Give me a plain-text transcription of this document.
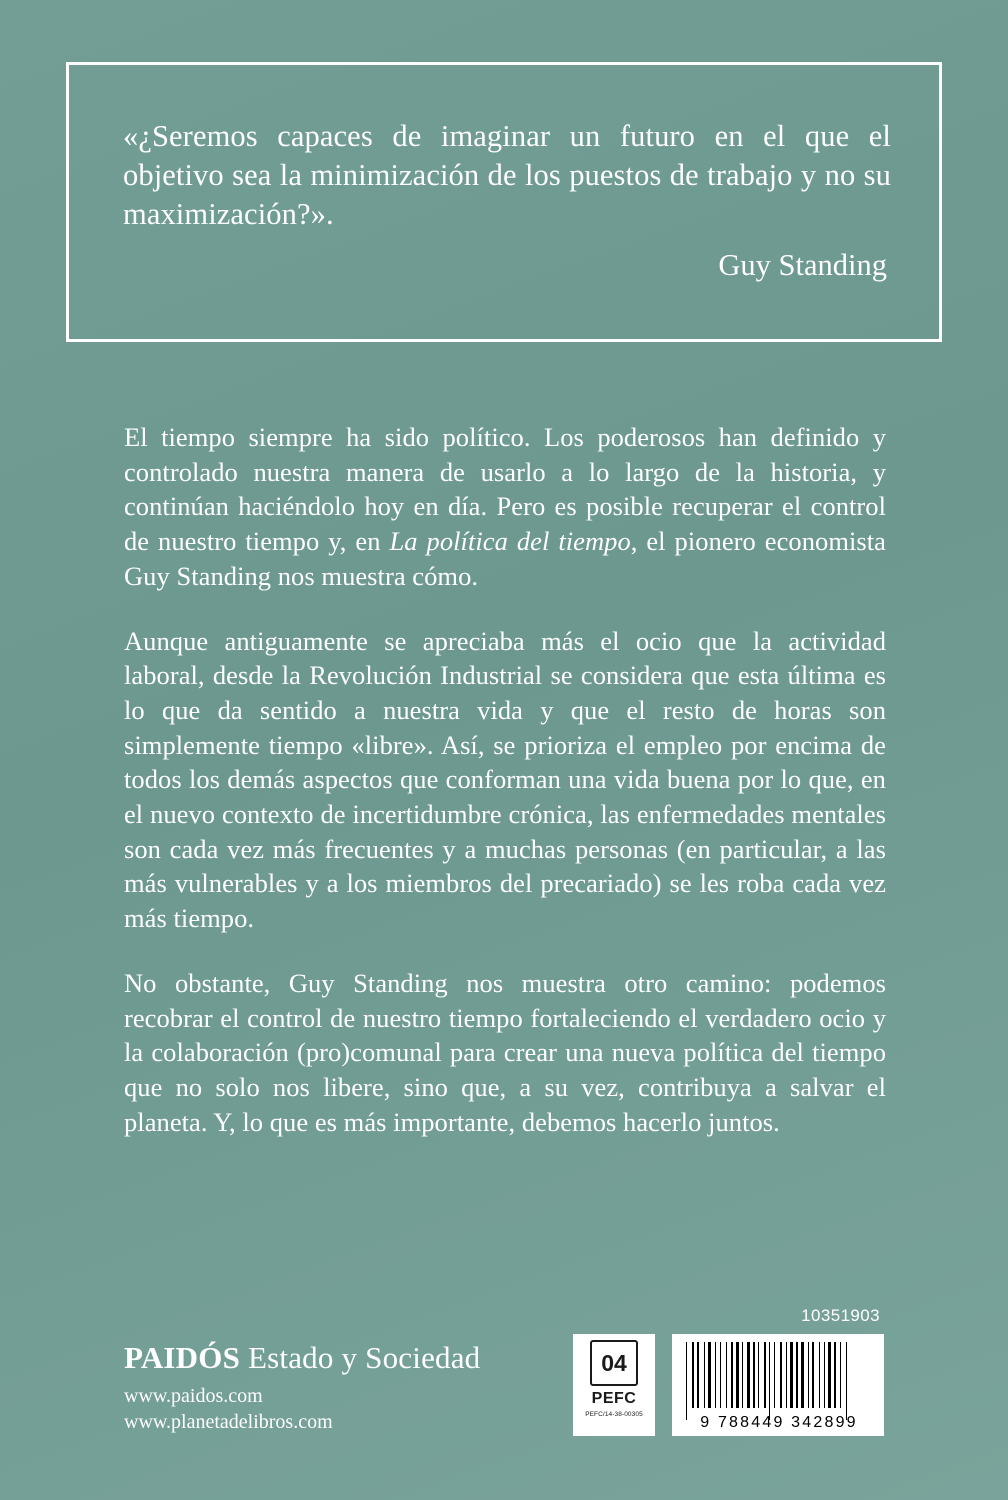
«¿Seremos capaces de imaginar un futuro en el que el objetivo sea la minimización de los puestos de trabajo y no su maximización?».

Guy Standing

El tiempo siempre ha sido político. Los poderosos han definido y controlado nuestra manera de usarlo a lo largo de la historia, y continúan haciéndolo hoy en día. Pero es posible recuperar el control de nuestro tiempo y, en La política del tiempo, el pionero economista Guy Standing nos muestra cómo.

Aunque antiguamente se apreciaba más el ocio que la actividad laboral, desde la Revolución Industrial se considera que esta última es lo que da sentido a nuestra vida y que el resto de horas son simplemente tiempo «libre». Así, se prioriza el empleo por encima de todos los demás aspectos que conforman una vida buena por lo que, en el nuevo contexto de incertidumbre crónica, las enfermedades mentales son cada vez más frecuentes y a muchas personas (en particular, a las más vulnerables y a los miembros del precariado) se les roba cada vez más tiempo.

No obstante, Guy Standing nos muestra otro camino: podemos recobrar el control de nuestro tiempo fortaleciendo el verdadero ocio y la colaboración (pro)comunal para crear una nueva política del tiempo que no solo nos libere, sino que, a su vez, contribuya a salvar el planeta. Y, lo que es más importante, debemos hacerlo juntos.

PAIDÓS Estado y Sociedad
www.paidos.com
www.planetadelibros.com
04
PEFC
PEFC/14-38-00305
10351903
9 788449 342899
